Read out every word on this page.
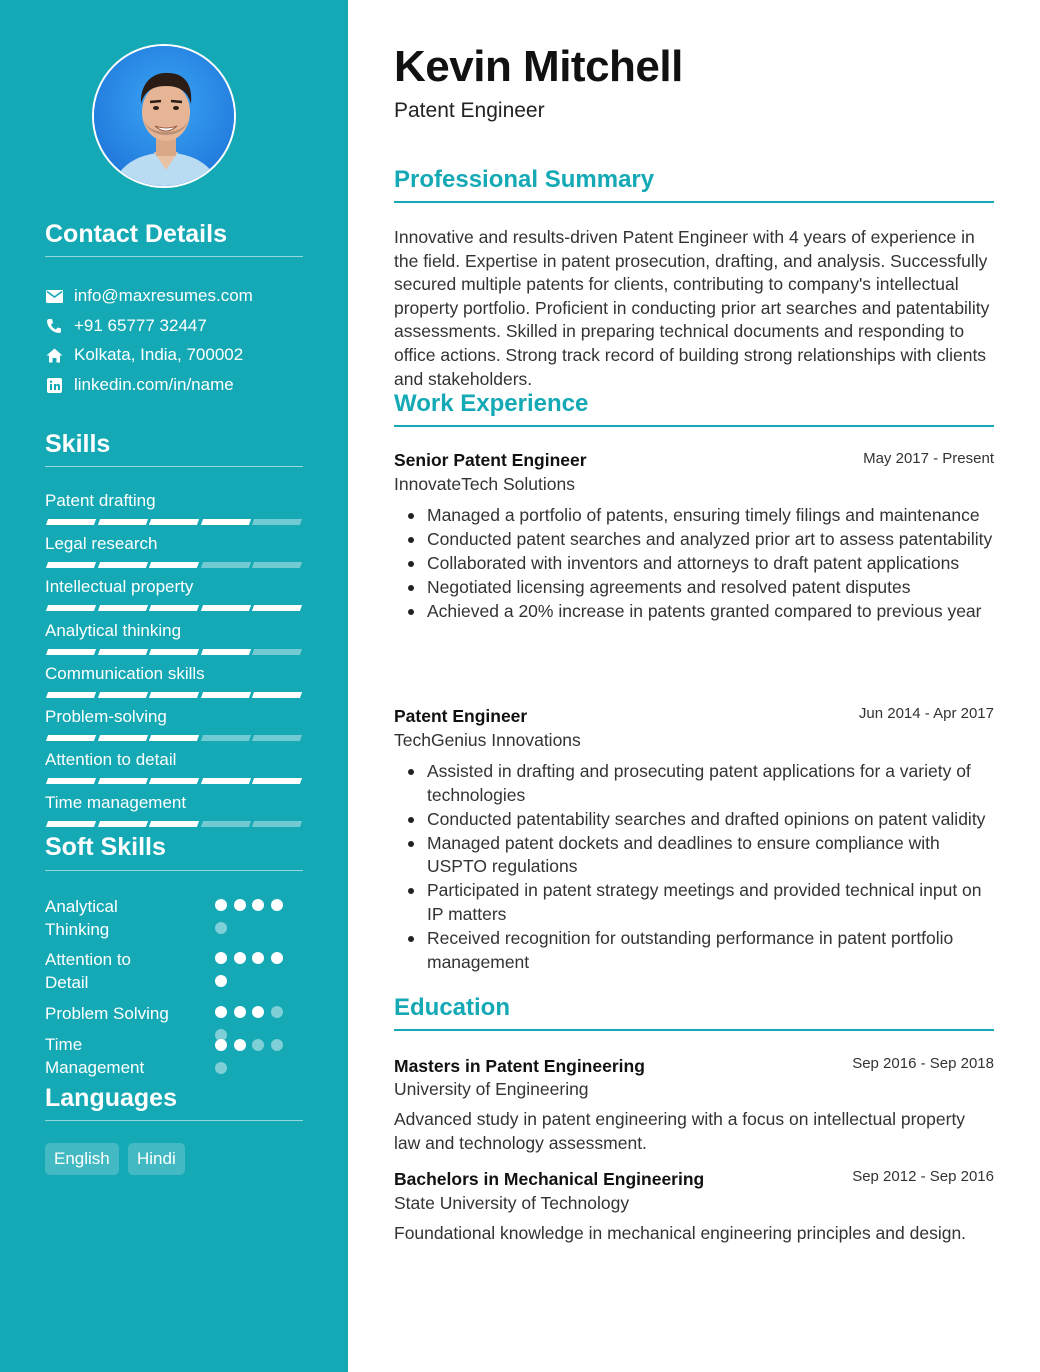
Contact Details
info@maxresumes.com
+91 65777 32447
Kolkata, India, 700002
linkedin.com/in/name
Skills
Patent drafting
Legal research
Intellectual property
Analytical thinking
Communication skills
Problem-solving
Attention to detail
Time management
Soft Skills
Analytical Thinking
Attention to Detail
Problem Solving
Time Management
Languages
English	Hindi
Kevin Mitchell
Patent Engineer
Professional Summary
Innovative and results-driven Patent Engineer with 4 years of experience in the field. Expertise in patent prosecution, drafting, and analysis. Successfully secured multiple patents for clients, contributing to company's intellectual property portfolio. Proficient in conducting prior art searches and patentability assessments. Skilled in preparing technical documents and responding to office actions. Strong track record of building strong relationships with clients and stakeholders.
Work Experience
Senior Patent Engineer	May 2017 - Present
InnovateTech Solutions
Managed a portfolio of patents, ensuring timely filings and maintenance
Conducted patent searches and analyzed prior art to assess patentability
Collaborated with inventors and attorneys to draft patent applications
Negotiated licensing agreements and resolved patent disputes
Achieved a 20% increase in patents granted compared to previous year
Patent Engineer	Jun 2014 - Apr 2017
TechGenius Innovations
Assisted in drafting and prosecuting patent applications for a variety of technologies
Conducted patentability searches and drafted opinions on patent validity
Managed patent dockets and deadlines to ensure compliance with USPTO regulations
Participated in patent strategy meetings and provided technical input on IP matters
Received recognition for outstanding performance in patent portfolio management
Education
Masters in Patent Engineering	Sep 2016 - Sep 2018
University of Engineering
Advanced study in patent engineering with a focus on intellectual property law and technology assessment.
Bachelors in Mechanical Engineering	Sep 2012 - Sep 2016
State University of Technology
Foundational knowledge in mechanical engineering principles and design.
